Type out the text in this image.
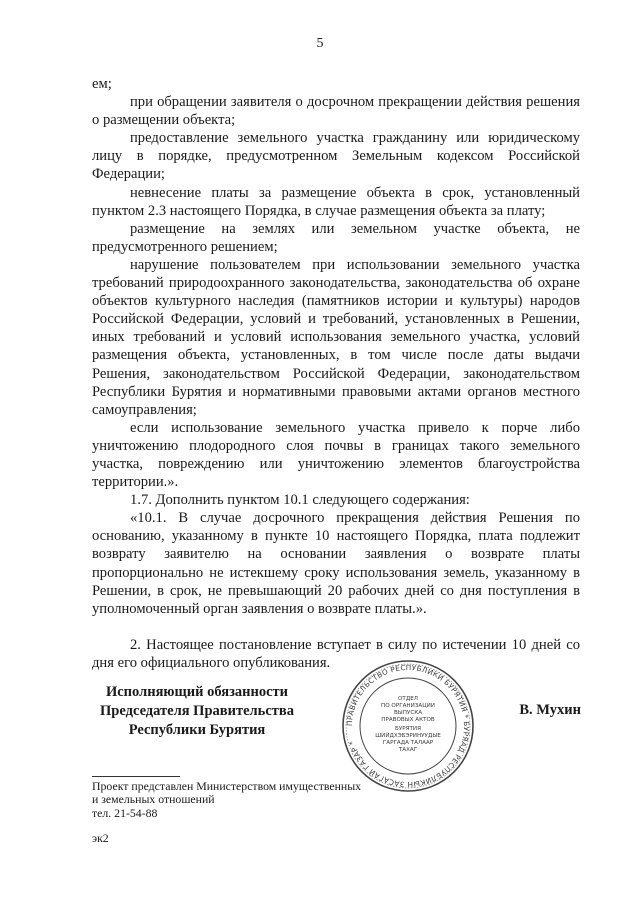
5

ем;

при обращении заявителя о досрочном прекращении действия решения о размещении объекта;

предоставление земельного участка гражданину или юридическому лицу в порядке, предусмотренном Земельным кодексом Российской Федерации;

невнесение платы за размещение объекта в срок, установленный пунктом 2.3 настоящего Порядка, в случае размещения объекта за плату;

размещение на землях или земельном участке объекта, не предусмотренного решением;

нарушение пользователем при использовании земельного участка требований природоохранного законодательства, законодательства об охране объектов культурного наследия (памятников истории и культуры) народов Российской Федерации, условий и требований, установленных в Решении, иных требований и условий использования земельного участка, условий размещения объекта, установленных, в том числе после даты выдачи Решения, законодательством Российской Федерации, законодательством Республики Бурятия и нормативными правовыми актами органов местного самоуправления;

если использование земельного участка привело к порче либо уничтожению плодородного слоя почвы в границах такого земельного участка, повреждению или уничтожению элементов благоустройства территории.».

1.7. Дополнить пунктом 10.1 следующего содержания:

«10.1. В случае досрочного прекращения действия Решения по основанию, указанному в пункте 10 настоящего Порядка, плата подлежит возврату заявителю на основании заявления о возврате платы пропорционально не истекшему сроку использования земель, указанному в Решении, в срок, не превышающий 20 рабочих дней со дня поступления в уполномоченный орган заявления о возврате платы.».

2. Настоящее постановление вступает в силу по истечении 10 дней со дня его официального опубликования.

Исполняющий обязанности
Председателя Правительства
Республики Бурятия	ПРАВИТЕЛЬСТВО РЕСПУБЛИКИ БУРЯТИЯ * БУРЯАД РЕСПУБЛИКЫН ЗАСАГАЙ ГАЗАР *
ОТДЕЛ
ПО ОРГАНИЗАЦИИ
ВЫПУСКА
ПРАВОВЫХ АКТОВ
БУРЯТИЯ
ШИЙДХЭБЭРИНУУДЫЕ
ГАРГАДА ТАЛААР
ТАХАГ
В. Мухин
Проект представлен Министерством имущественных
и земельных отношений
тел. 21-54-88
эк2
